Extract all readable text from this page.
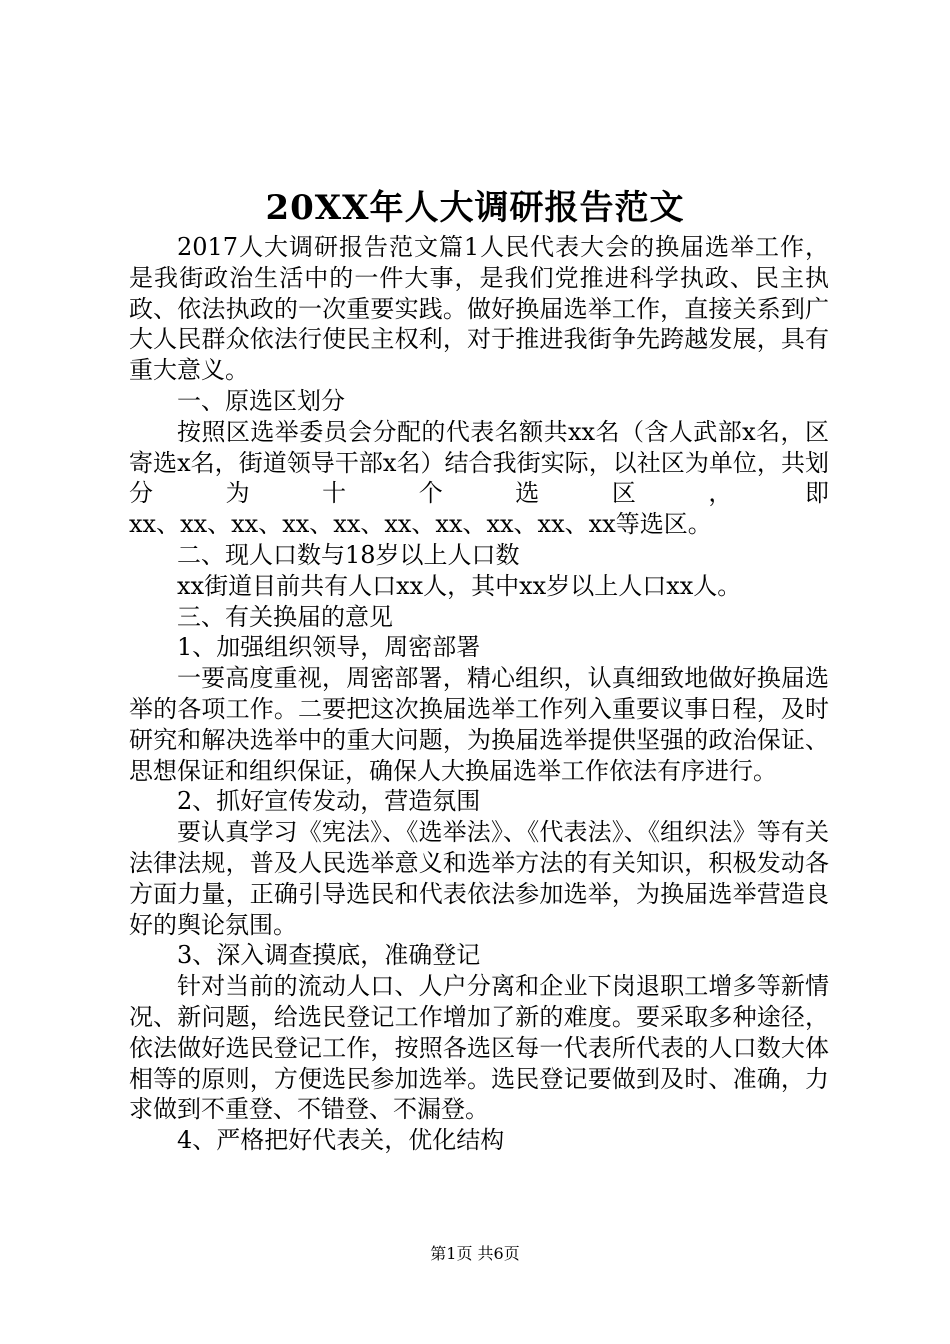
20XX年人大调研报告范文

2017人大调研报告范文篇1人民代表大会的换届选举工作，是我街政治生活中的一件大事，是我们党推进科学执政、民主执政、依法执政的一次重要实践。做好换届选举工作，直接关系到广大人民群众依法行使民主权利，对于推进我街争先跨越发展，具有重大意义。

一、原选区划分

按照区选举委员会分配的代表名额共xx名（含人武部x名，区寄选x名，街道领导干部x名）结合我街实际，以社区为单位，共划分为十个选区，即

xx、xx、xx、xx、xx、xx、xx、xx、xx、xx等选区。

二、现人口数与18岁以上人口数

xx街道目前共有人口xx人，其中xx岁以上人口xx人。

三、有关换届的意见

1、加强组织领导，周密部署

一要高度重视，周密部署，精心组织，认真细致地做好换届选举的各项工作。二要把这次换届选举工作列入重要议事日程，及时研究和解决选举中的重大问题，为换届选举提供坚强的政治保证、思想保证和组织保证，确保人大换届选举工作依法有序进行。

2、抓好宣传发动，营造氛围

要认真学习《宪法》、《选举法》、《代表法》、《组织法》等有关法律法规，普及人民选举意义和选举方法的有关知识，积极发动各方面力量，正确引导选民和代表依法参加选举，为换届选举营造良好的舆论氛围。

3、深入调查摸底，准确登记

针对当前的流动人口、人户分离和企业下岗退职工增多等新情况、新问题，给选民登记工作增加了新的难度。要采取多种途径，依法做好选民登记工作，按照各选区每一代表所代表的人口数大体相等的原则，方便选民参加选举。选民登记要做到及时、准确，力求做到不重登、不错登、不漏登。

4、严格把好代表关，优化结构

第1页 共6页
